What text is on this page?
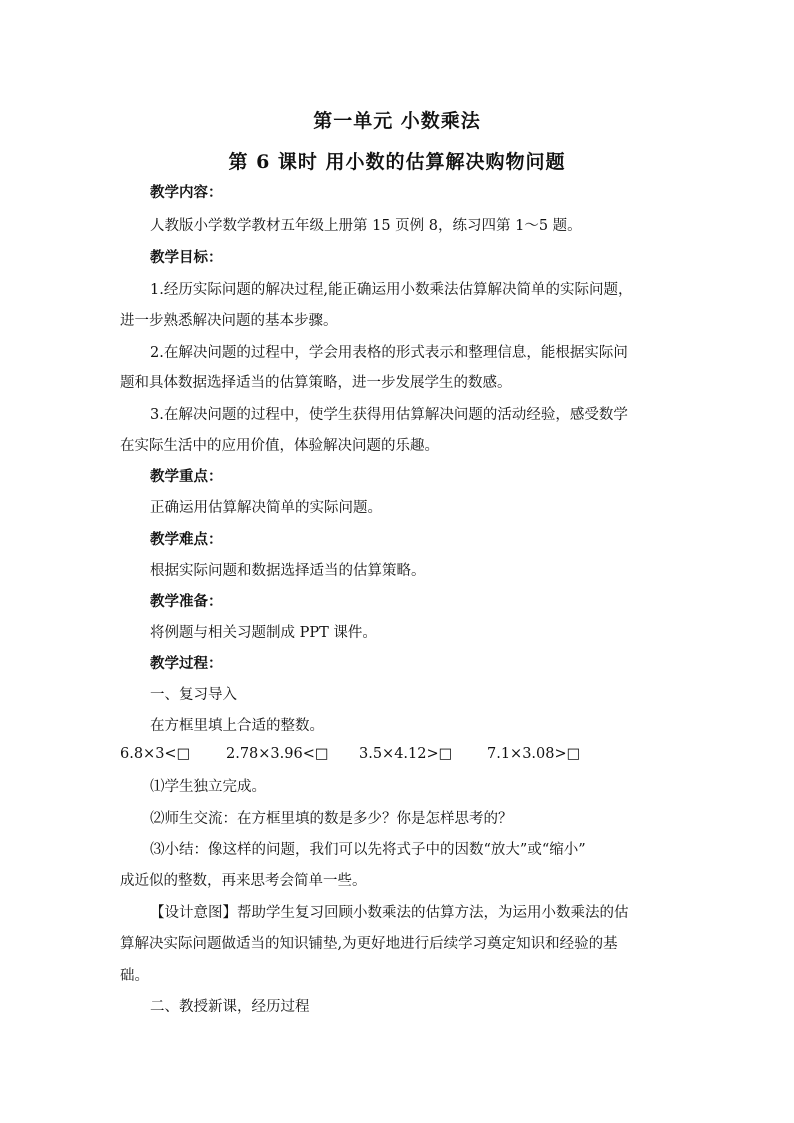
第一单元 小数乘法
第 6 课时 用小数的估算解决购物问题
教学内容：
人教版小学数学教材五年级上册第 15 页例 8，练习四第 1～5 题。
教学目标：
1.经历实际问题的解决过程,能正确运用小数乘法估算解决简单的实际问题，
进一步熟悉解决问题的基本步骤。
2.在解决问题的过程中，学会用表格的形式表示和整理信息，能根据实际问
题和具体数据选择适当的估算策略，进一步发展学生的数感。
3.在解决问题的过程中，使学生获得用估算解决问题的活动经验，感受数学
在实际生活中的应用价值，体验解决问题的乐趣。
教学重点：
正确运用估算解决简单的实际问题。
教学难点：
根据实际问题和数据选择适当的估算策略。
教学准备：
将例题与相关习题制成 PPT 课件。
教学过程：
一、复习导入
在方框里填上合适的整数。
6.8×3<□ 2.78×3.96<□ 3.5×4.12>□ 7.1×3.08>□
⑴学生独立完成。
⑵师生交流：在方框里填的数是多少？你是怎样思考的？
⑶小结：像这样的问题，我们可以先将式子中的因数“放大”或“缩小”
成近似的整数，再来思考会简单一些。
【设计意图】帮助学生复习回顾小数乘法的估算方法，为运用小数乘法的估
算解决实际问题做适当的知识铺垫,为更好地进行后续学习奠定知识和经验的基
础。
二、教授新课，经历过程
